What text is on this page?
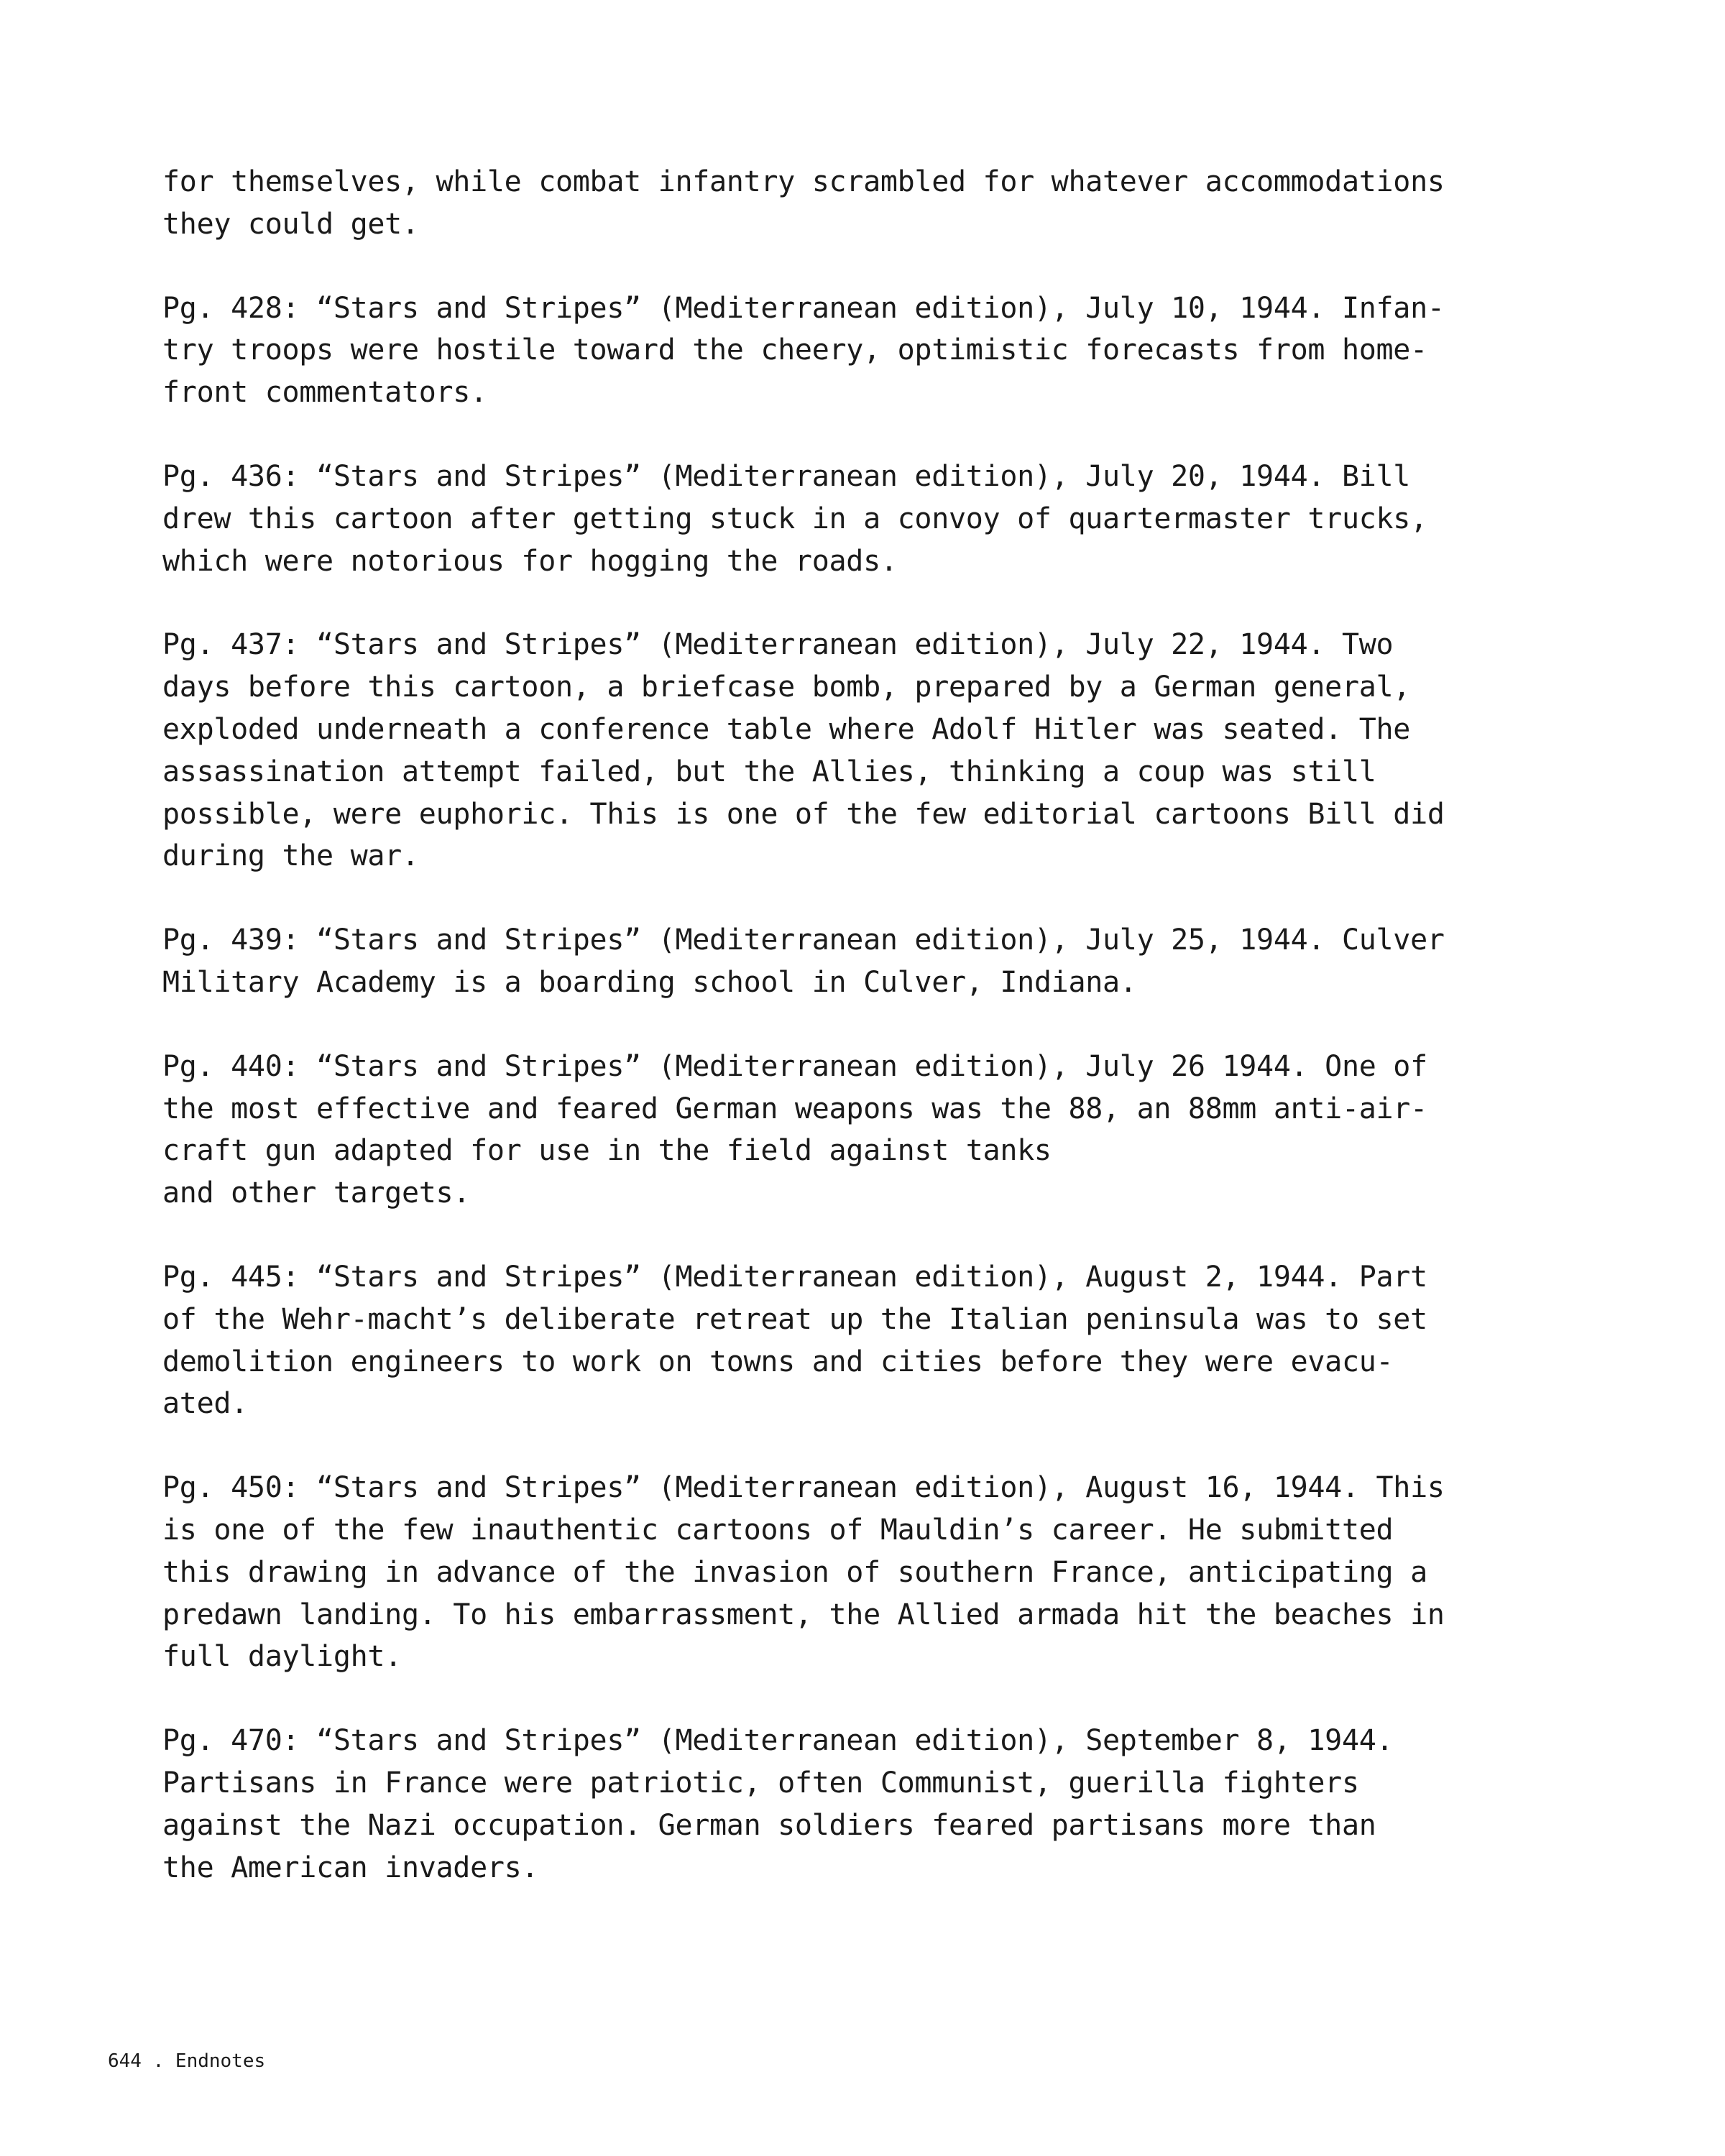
for themselves, while combat infantry scrambled for whatever accommodations
they could get.
Pg. 428: “Stars and Stripes” (Mediterranean edition), July 10, 1944. Infan-
try troops were hostile toward the cheery, optimistic forecasts from home-
front commentators.
Pg. 436: “Stars and Stripes” (Mediterranean edition), July 20, 1944. Bill
drew this cartoon after getting stuck in a convoy of quartermaster trucks,
which were notorious for hogging the roads.
Pg. 437: “Stars and Stripes” (Mediterranean edition), July 22, 1944. Two
days before this cartoon, a briefcase bomb, prepared by a German general,
exploded underneath a conference table where Adolf Hitler was seated. The
assassination attempt failed, but the Allies, thinking a coup was still
possible, were euphoric. This is one of the few editorial cartoons Bill did
during the war.
Pg. 439: “Stars and Stripes” (Mediterranean edition), July 25, 1944. Culver
Military Academy is a boarding school in Culver, Indiana.
Pg. 440: “Stars and Stripes” (Mediterranean edition), July 26 1944. One of
the most effective and feared German weapons was the 88, an 88mm anti-air-
craft gun adapted for use in the field against tanks
and other targets.
Pg. 445: “Stars and Stripes” (Mediterranean edition), August 2, 1944. Part
of the Wehr-macht’s deliberate retreat up the Italian peninsula was to set
demolition engineers to work on towns and cities before they were evacu-
ated.
Pg. 450: “Stars and Stripes” (Mediterranean edition), August 16, 1944. This
is one of the few inauthentic cartoons of Mauldin’s career. He submitted
this drawing in advance of the invasion of southern France, anticipating a
predawn landing. To his embarrassment, the Allied armada hit the beaches in
full daylight.
Pg. 470: “Stars and Stripes” (Mediterranean edition), September 8, 1944.
Partisans in France were patriotic, often Communist, guerilla fighters
against the Nazi occupation. German soldiers feared partisans more than
the American invaders.
644 . Endnotes
